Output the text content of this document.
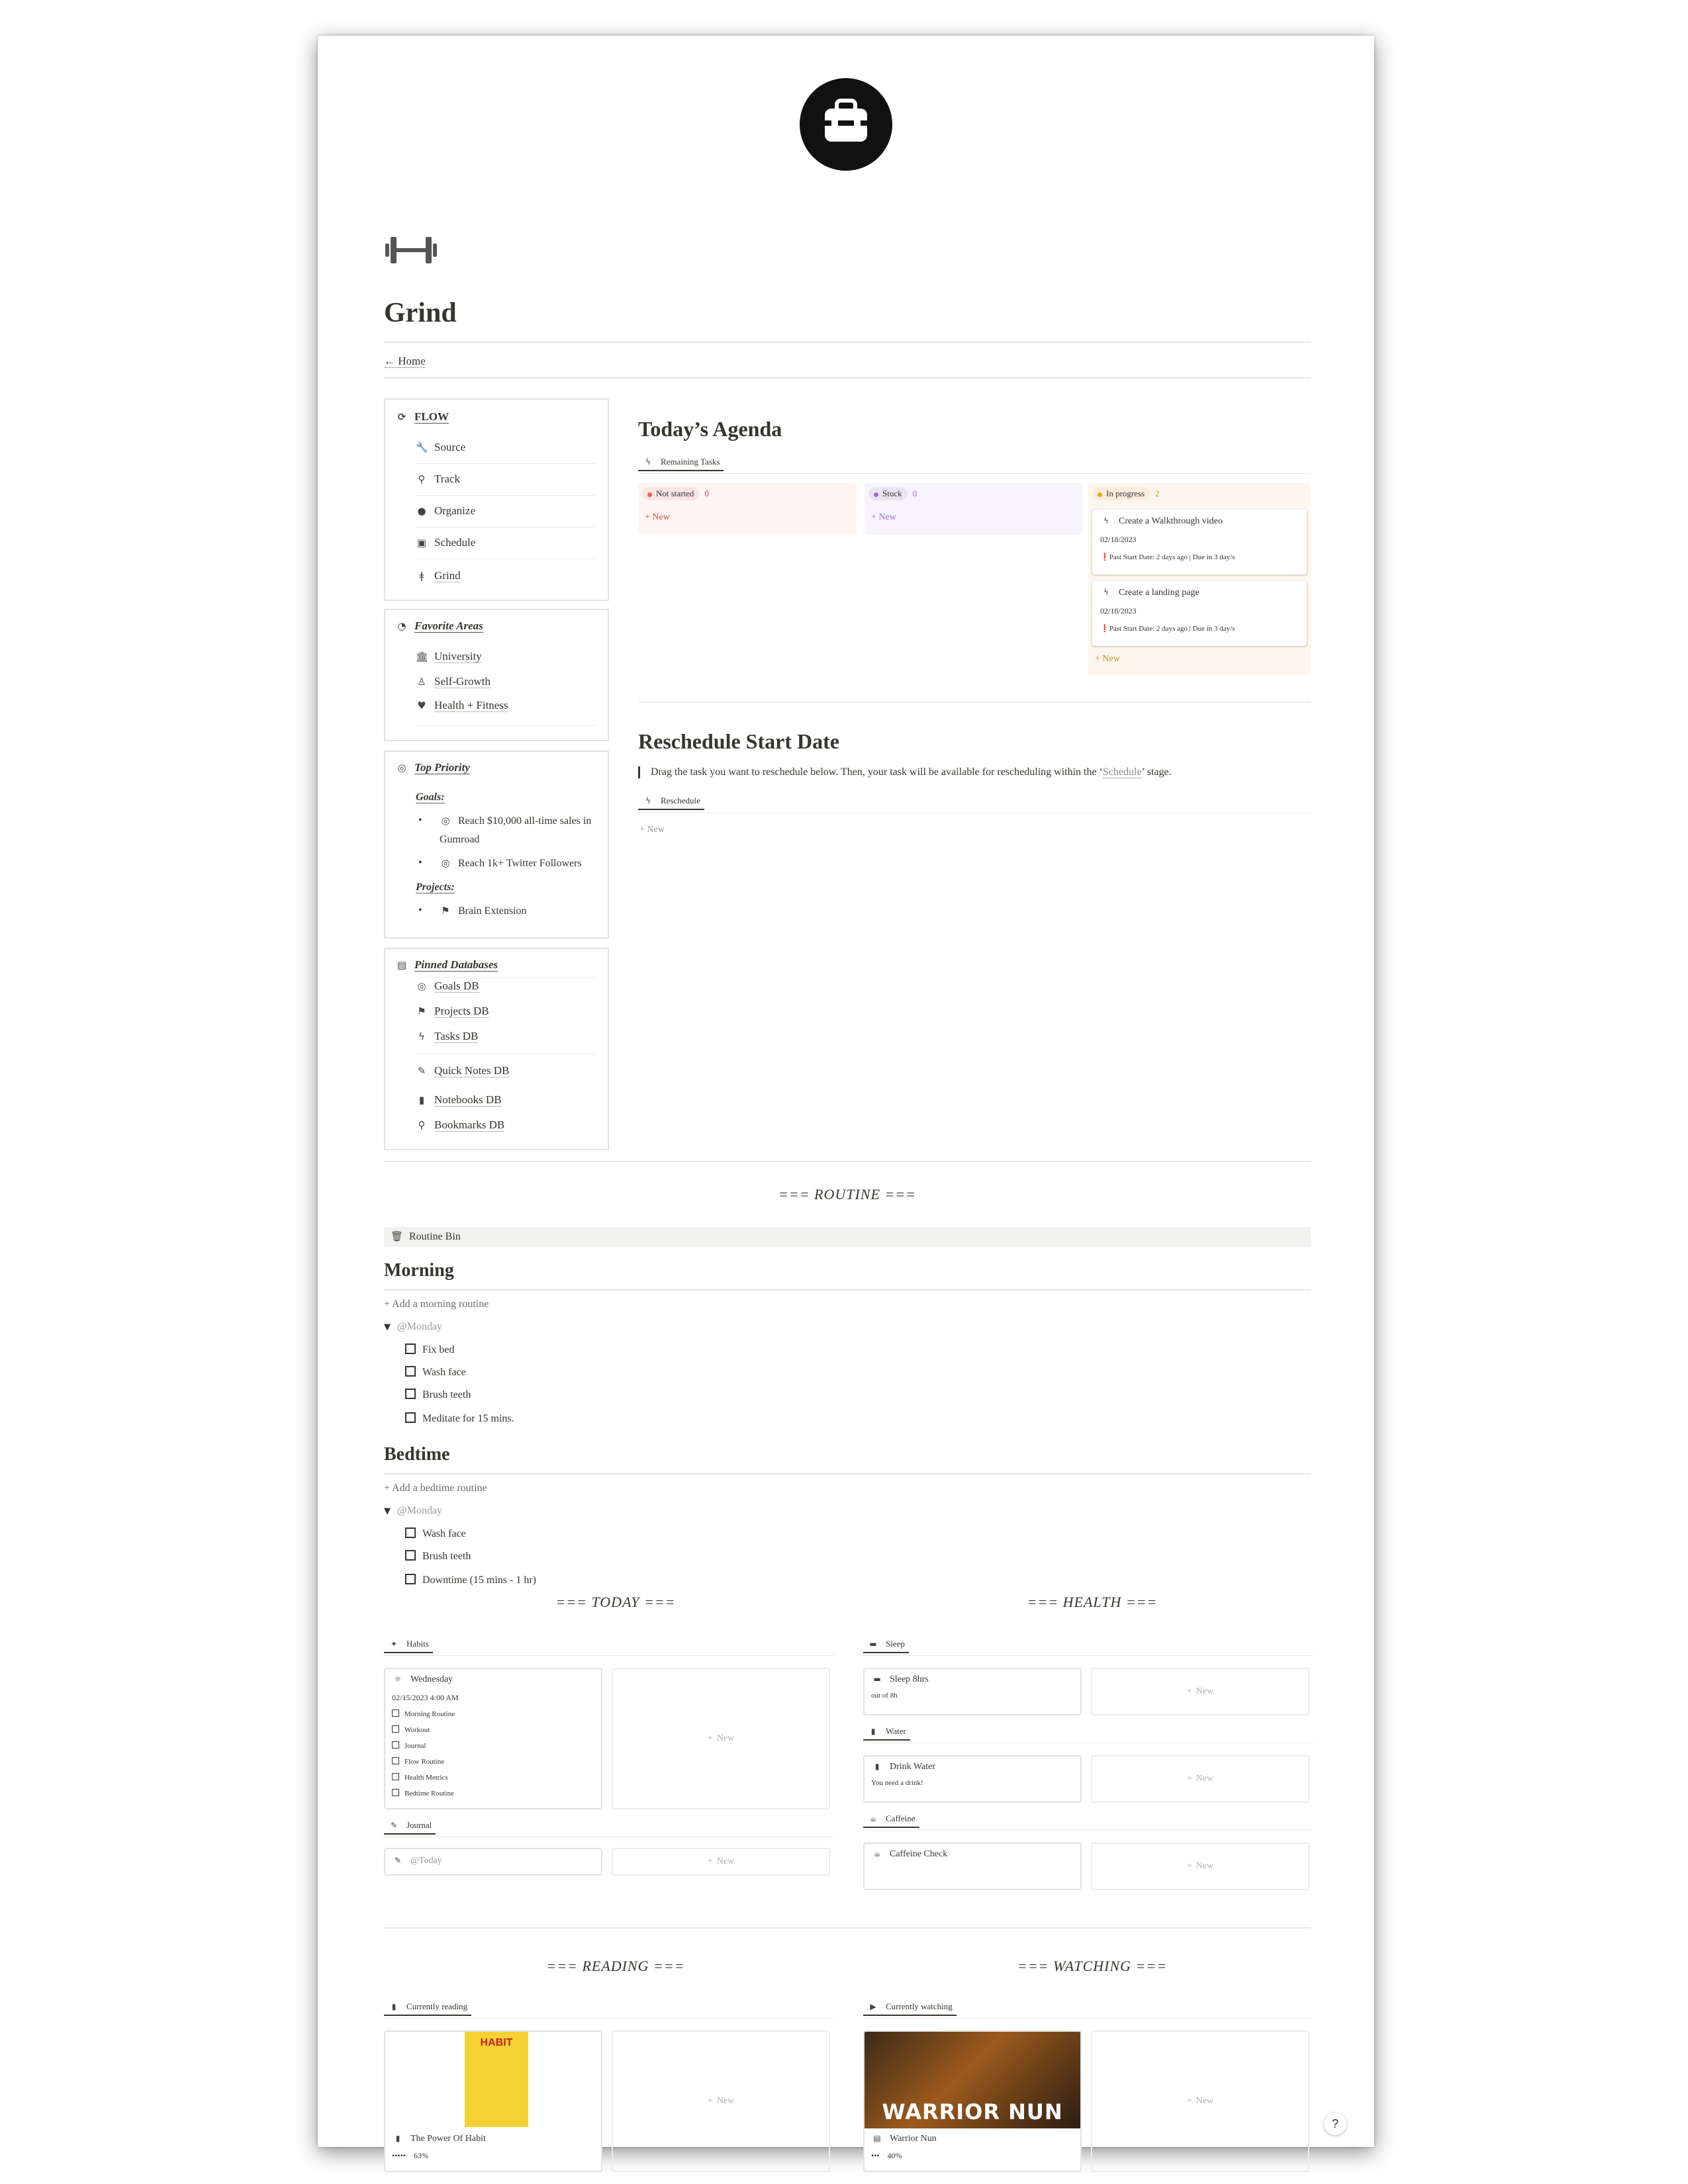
Grind
← Home
⟳ FLOW
🔧 Source
⚲ Track
● Organize
▣ Schedule
ǂ Grind
◔ Favorite Areas
🏛 University
♙ Self-Growth
♥ Health + Fitness
◎ Top Priority
Goals:
• ◎ Reach $10,000 all-time sales in Gumroad
• ◎ Reach 1k+ Twitter Followers
Projects:
• ⚑ Brain Extension
▤ Pinned Databases
◎ Goals DB
⚑ Projects DB
ϟ Tasks DB
✎ Quick Notes DB
▮ Notebooks DB
⚲ Bookmarks DB
Today’s Agenda
ϟ Remaining Tasks
Not started 0
+ New
Stuck 0
+ New
In progress 2
ϟ Create a Walkthrough video
02/18/2023
❗Past Start Date: 2 days ago | Due in 3 day/s
ϟ Create a landing page
02/18/2023
❗Past Start Date: 2 days ago | Due in 3 day/s
+ New
Reschedule Start Date
Drag the task you want to reschedule below. Then, your task will be available for rescheduling within the ‘Schedule’ stage.
ϟ Reschedule
+ New
=== ROUTINE ===
🗑 Routine Bin
Morning
+ Add a morning routine
▼ @Monday
Fix bed
Wash face
Brush teeth
Meditate for 15 mins.
Bedtime
+ Add a bedtime routine
▼ @Monday
Wash face
Brush teeth
Downtime (15 mins - 1 hr)
=== TODAY ===
✦ Habits
☼ Wednesday
02/15/2023 4:00 AM
Morning Routine
Workout
Journal
Flow Routine
Health Metrics
Bedtime Routine
+ New
✎ Journal
✎ @Today	+ New
=== HEALTH ===
▬ Sleep
▬ Sleep 8hrs
out of 8h	+ New
▮ Water
▮ Drink Water
You need a drink!	+ New
☕ Caffeine
☕ Caffeine Check
+ New
=== READING ===
▮ Currently reading
HABIT
▮ The Power Of Habit
••••• 63%
+ New
=== WATCHING ===
▶ Currently watching
WARRIOR NUN
▤ Warrior Nun
••• 40%
+ New
?
